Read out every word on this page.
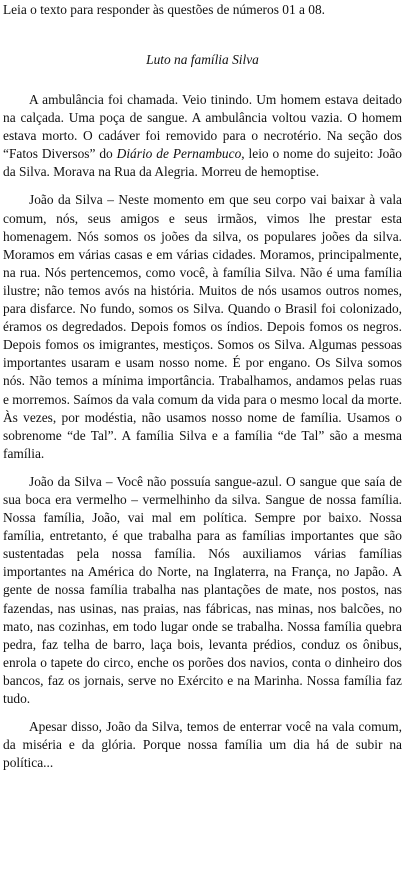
Leia o texto para responder às questões de números 01 a 08.

Luto na família Silva

A ambulância foi chamada. Veio tinindo. Um homem estava deitado na calçada. Uma poça de sangue. A ambulância voltou vazia. O homem estava morto. O cadáver foi removido para o necrotério. Na seção dos “Fatos Diversos” do Diário de Pernambuco, leio o nome do sujeito: João da Silva. Morava na Rua da Alegria. Morreu de hemoptise.

João da Silva – Neste momento em que seu corpo vai baixar à vala comum, nós, seus amigos e seus irmãos, vimos lhe prestar esta homenagem. Nós somos os joões da silva, os populares joões da silva. Moramos em várias casas e em várias cidades. Moramos, principalmente, na rua. Nós pertencemos, como você, à família Silva. Não é uma família ilustre; não temos avós na história. Muitos de nós usamos outros nomes, para disfarce. No fundo, somos os Silva. Quando o Brasil foi colonizado, éramos os degredados. Depois fomos os índios. Depois fomos os negros. Depois fomos os imigrantes, mestiços. Somos os Silva. Algumas pessoas importantes usaram e usam nosso nome. É por engano. Os Silva somos nós. Não temos a mínima importância. Trabalhamos, andamos pelas ruas e morremos. Saímos da vala comum da vida para o mesmo local da morte. Às vezes, por modéstia, não usamos nosso nome de família. Usamos o sobrenome “de Tal”. A família Silva e a família “de Tal” são a mesma família.

João da Silva – Você não possuía sangue-azul. O sangue que saía de sua boca era vermelho – vermelhinho da silva. Sangue de nossa família. Nossa família, João, vai mal em política. Sempre por baixo. Nossa família, entretanto, é que trabalha para as famílias importantes que são sustentadas pela nossa família. Nós auxiliamos várias famílias importantes na América do Norte, na Inglaterra, na França, no Japão. A gente de nossa família trabalha nas plantações de mate, nos postos, nas fazendas, nas usinas, nas praias, nas fábricas, nas minas, nos balcões, no mato, nas cozinhas, em todo lugar onde se trabalha. Nossa família quebra pedra, faz telha de barro, laça bois, levanta prédios, conduz os ônibus, enrola o tapete do circo, enche os porões dos navios, conta o dinheiro dos bancos, faz os jornais, serve no Exército e na Marinha. Nossa família faz tudo.

Apesar disso, João da Silva, temos de enterrar você na vala comum, da miséria e da glória. Porque nossa família um dia há de subir na política...
